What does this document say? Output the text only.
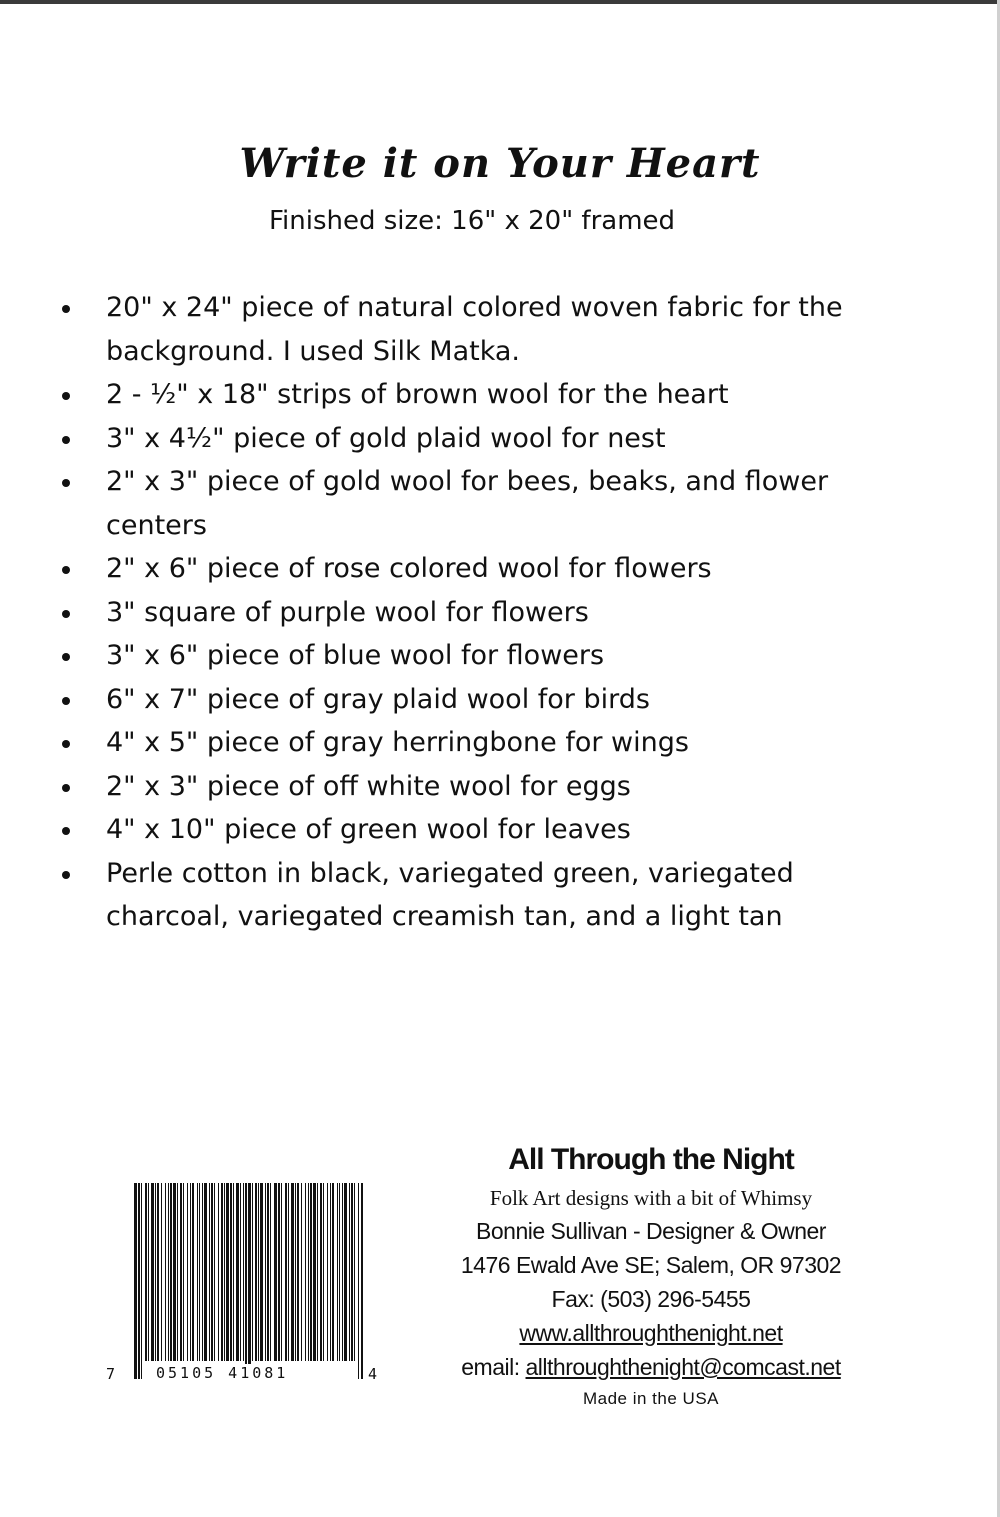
Write it on Your Heart
Finished size: 16" x 20" framed
20" x 24" piece of natural colored woven fabric for the background. I used Silk Matka.
2 - ½" x 18" strips of brown wool for the heart
3" x 4½" piece of gold plaid wool for nest
2" x 3" piece of gold wool for bees, beaks, and flower centers
2" x 6" piece of rose colored wool for flowers
3" square of purple wool for flowers
3" x 6" piece of blue wool for flowers
6" x 7" piece of gray plaid wool for birds
4" x 5" piece of gray herringbone for wings
2" x 3" piece of off white wool for eggs
4" x 10" piece of green wool for leaves
Perle cotton in black, variegated green, variegated charcoal, variegated creamish tan, and a light tan
7	05105 41081	4
All Through the Night
Folk Art designs with a bit of Whimsy
Bonnie Sullivan - Designer & Owner
1476 Ewald Ave SE; Salem, OR 97302
Fax: (503) 296-5455
www.allthroughthenight.net
email: allthroughthenight@comcast.net
Made in the USA
